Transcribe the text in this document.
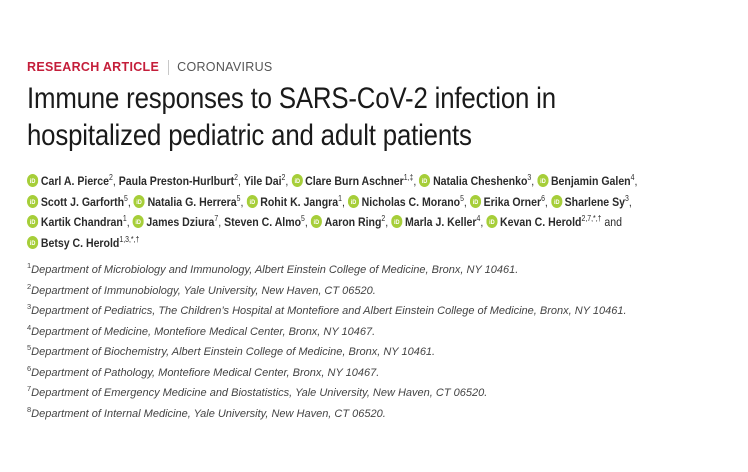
RESEARCH ARTICLE CORONAVIRUS
Immune responses to SARS-CoV-2 infection in
hospitalized pediatric and adult patients
iD Carl A. Pierce$^2$, Paula Preston-Hurlburt$^2$, Yile Dai$^2$, iD Clare Burn Aschner$^{1,\ddagger}$, iD Natalia Cheshenko$^3$, iD Benjamin Galen$^4$,
iD Scott J. Garforth$^5$, iD Natalia G. Herrera$^5$, iD Rohit K. Jangra$^1$, iD Nicholas C. Morano$^5$, iD Erika Orner$^6$, iD Sharlene Sy$^3$,
iD Kartik Chandran$^1$, iD James Dziura$^7$, Steven C. Almo$^5$, iD Aaron Ring$^2$, iD Marla J. Keller$^4$, iD Kevan C. Herold$^{2,7,*,\dagger}$ and
iD Betsy C. Herold$^{1,3,*,\dagger}$
$^1$Department of Microbiology and Immunology, Albert Einstein College of Medicine, Bronx, NY 10461.
$^2$Department of Immunobiology, Yale University, New Haven, CT 06520.
$^3$Department of Pediatrics, The Children’s Hospital at Montefiore and Albert Einstein College of Medicine, Bronx, NY 10461.
$^4$Department of Medicine, Montefiore Medical Center, Bronx, NY 10467.
$^5$Department of Biochemistry, Albert Einstein College of Medicine, Bronx, NY 10461.
$^6$Department of Pathology, Montefiore Medical Center, Bronx, NY 10467.
$^7$Department of Emergency Medicine and Biostatistics, Yale University, New Haven, CT 06520.
$^8$Department of Internal Medicine, Yale University, New Haven, CT 06520.
